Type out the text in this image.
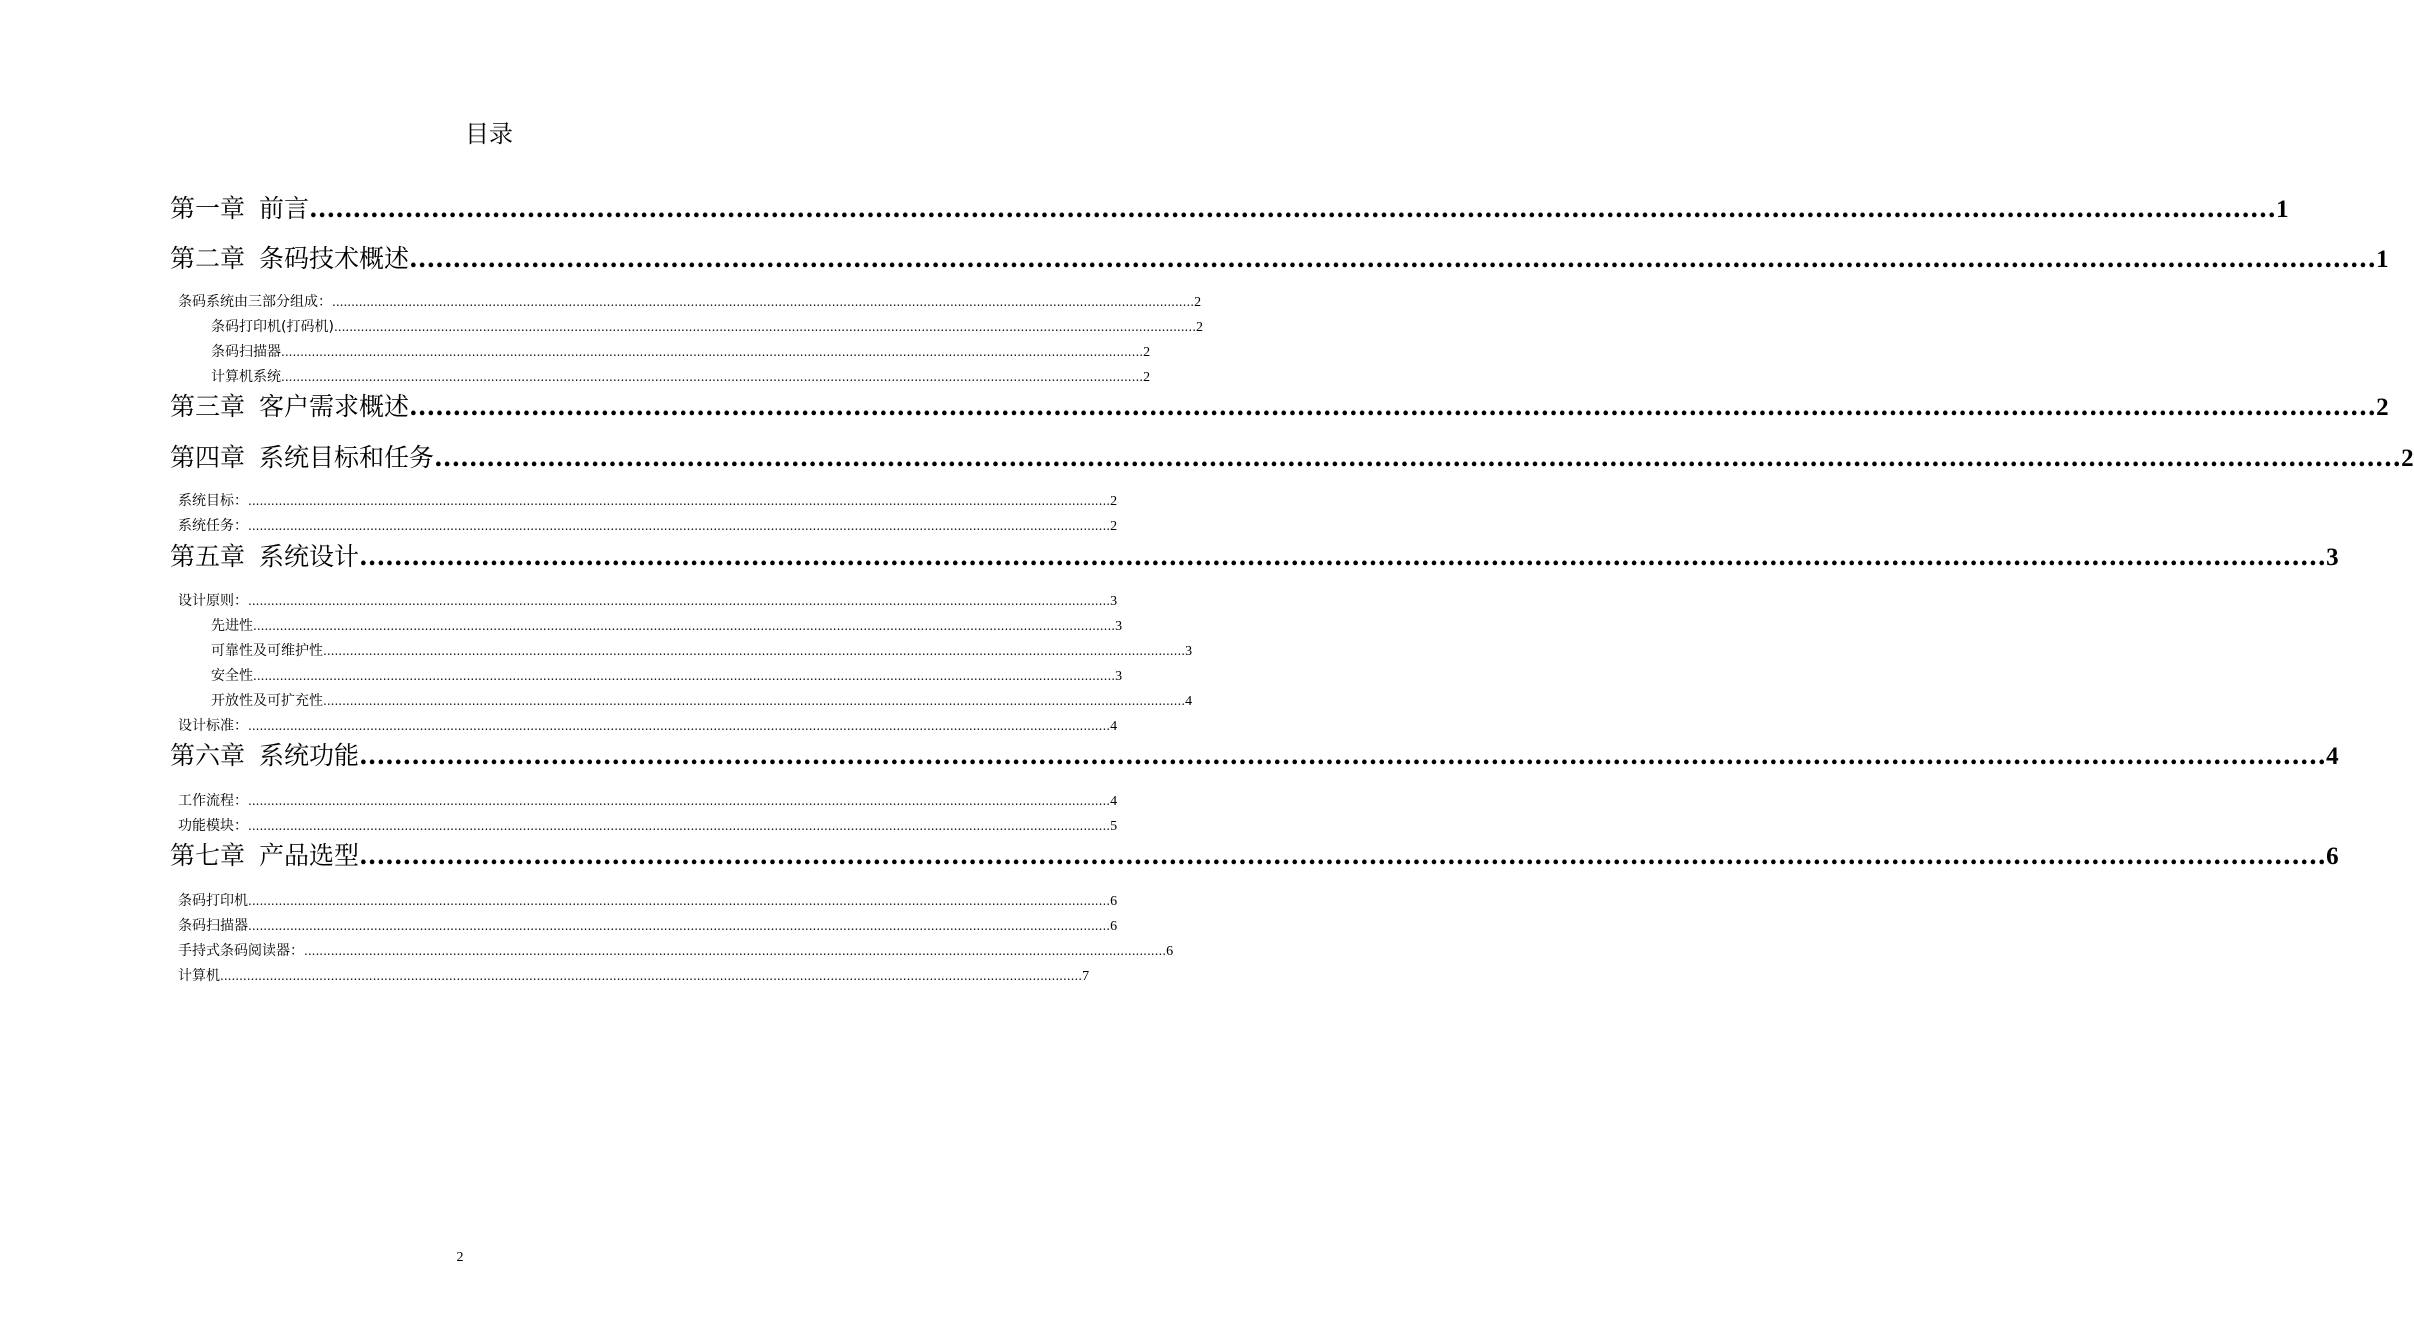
目录
第一章 前言 .................................................................................................................................................................................................................................. 1
第二章 条码技术概述 .................................................................................................................................................................................................................................. 1
条码系统由三部分组成： .................................................................................................................................................................................................................................. 2
条码打印机(打码机) .................................................................................................................................................................................................................................. 2
条码扫描器 .................................................................................................................................................................................................................................. 2
计算机系统 .................................................................................................................................................................................................................................. 2
第三章 客户需求概述 .................................................................................................................................................................................................................................. 2
第四章 系统目标和任务 .................................................................................................................................................................................................................................. 2
系统目标： .................................................................................................................................................................................................................................. 2
系统任务： .................................................................................................................................................................................................................................. 2
第五章 系统设计 .................................................................................................................................................................................................................................. 3
设计原则： .................................................................................................................................................................................................................................. 3
先进性 .................................................................................................................................................................................................................................. 3
可靠性及可维护性 .................................................................................................................................................................................................................................. 3
安全性 .................................................................................................................................................................................................................................. 3
开放性及可扩充性 .................................................................................................................................................................................................................................. 4
设计标准： .................................................................................................................................................................................................................................. 4
第六章 系统功能 .................................................................................................................................................................................................................................. 4
工作流程： .................................................................................................................................................................................................................................. 4
功能模块： .................................................................................................................................................................................................................................. 5
第七章 产品选型 .................................................................................................................................................................................................................................. 6
条码打印机 .................................................................................................................................................................................................................................. 6
条码扫描器 .................................................................................................................................................................................................................................. 6
手持式条码阅读器： .................................................................................................................................................................................................................................. 6
计算机 .................................................................................................................................................................................................................................. 7
2
